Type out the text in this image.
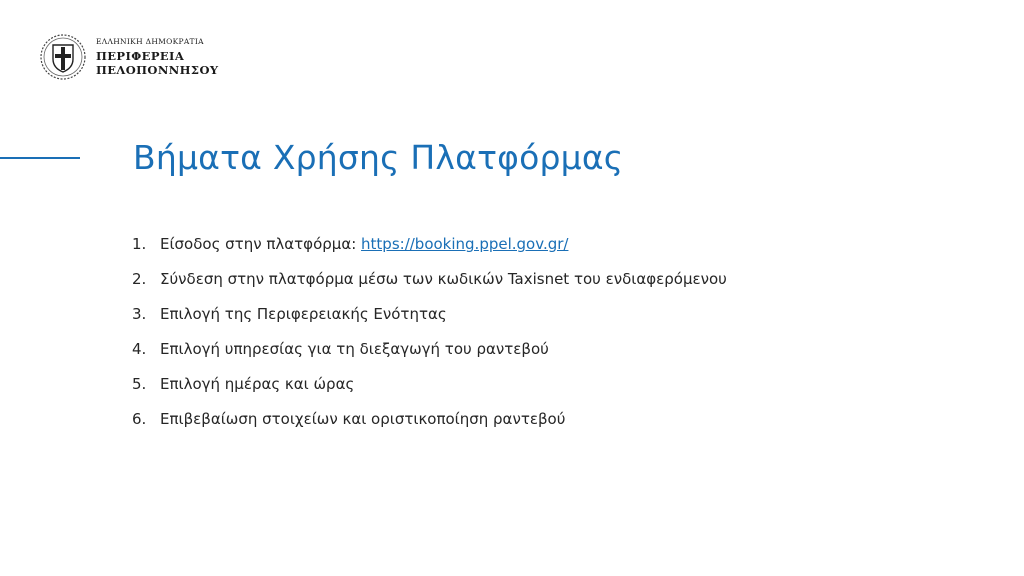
ΕΛΛΗΝΙΚΗ ΔΗΜΟΚΡΑΤΙΑ
ΠΕΡΙΦΕΡΕΙΑ
ΠΕΛΟΠΟΝΝΗΣΟΥ
Βήματα Χρήσης Πλατφόρμας
1. Είσοδος στην πλατφόρμα: https://booking.ppel.gov.gr/
2. Σύνδεση στην πλατφόρμα μέσω των κωδικών Taxisnet του ενδιαφερόμενου
3. Επιλογή της Περιφερειακής Ενότητας
4. Επιλογή υπηρεσίας για τη διεξαγωγή του ραντεβού
5. Επιλογή ημέρας και ώρας
6. Επιβεβαίωση στοιχείων και οριστικοποίηση ραντεβού
